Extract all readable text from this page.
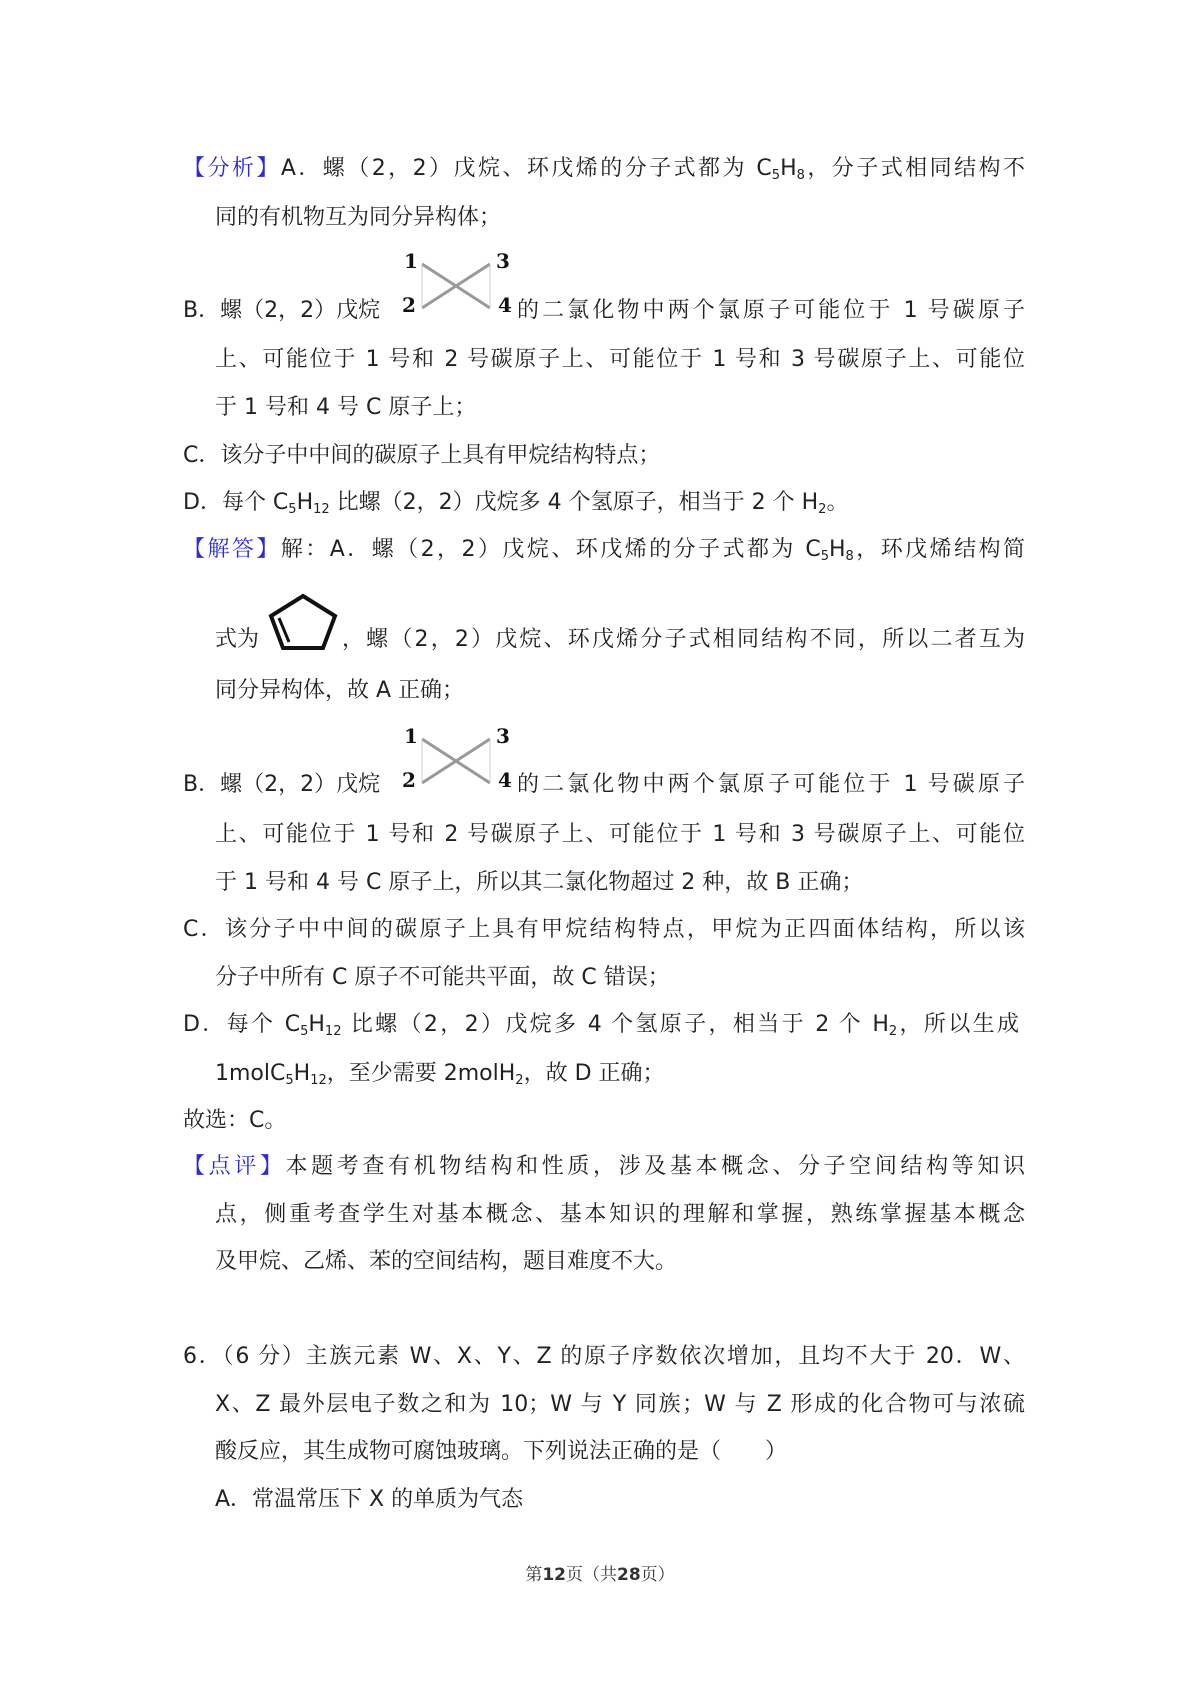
【分析】A．螺（2，2）戊烷、环戊烯的分子式都为 $C_5H_8$，分子式相同结构不
同的有机物互为同分异构体；
B．螺（2，2）戊烷	的二氯化物中两个氯原子可能位于 1 号碳原子
上、可能位于 1 号和 2 号碳原子上、可能位于 1 号和 3 号碳原子上、可能位
于 1 号和 4 号 C 原子上；
C．该分子中中间的碳原子上具有甲烷结构特点；
D．每个 $C_5H_{12}$ 比螺（2，2）戊烷多 4 个氢原子，相当于 2 个 $H_2$。
【解答】解：A．螺（2，2）戊烷、环戊烯的分子式都为 $C_5H_8$，环戊烯结构简
式为	，螺（2，2）戊烷、环戊烯分子式相同结构不同，所以二者互为
同分异构体，故 A 正确；
B．螺（2，2）戊烷	的二氯化物中两个氯原子可能位于 1 号碳原子
上、可能位于 1 号和 2 号碳原子上、可能位于 1 号和 3 号碳原子上、可能位
于 1 号和 4 号 C 原子上，所以其二氯化物超过 2 种，故 B 正确；
C．该分子中中间的碳原子上具有甲烷结构特点，甲烷为正四面体结构，所以该
分子中所有 C 原子不可能共平面，故 C 错误；
D．每个 $C_5H_{12}$ 比螺（2，2）戊烷多 4 个氢原子，相当于 2 个 $H_2$，所以生成
$1molC_5H_{12}$，至少需要 2molH$_2$，故 D 正确；
故选：C。
【点评】本题考查有机物结构和性质，涉及基本概念、分子空间结构等知识
点，侧重考查学生对基本概念、基本知识的理解和掌握，熟练掌握基本概念
及甲烷、乙烯、苯的空间结构，题目难度不大。
6．（6 分）主族元素 W、X、Y、Z 的原子序数依次增加，且均不大于 20．W、
X、Z 最外层电子数之和为 10；W 与 Y 同族；W 与 Z 形成的化合物可与浓硫
酸反应，其生成物可腐蚀玻璃。下列说法正确的是（　　）
A．常温常压下 X 的单质为气态
1
2
3
4
1
2
3
4
第12页（共28页）
